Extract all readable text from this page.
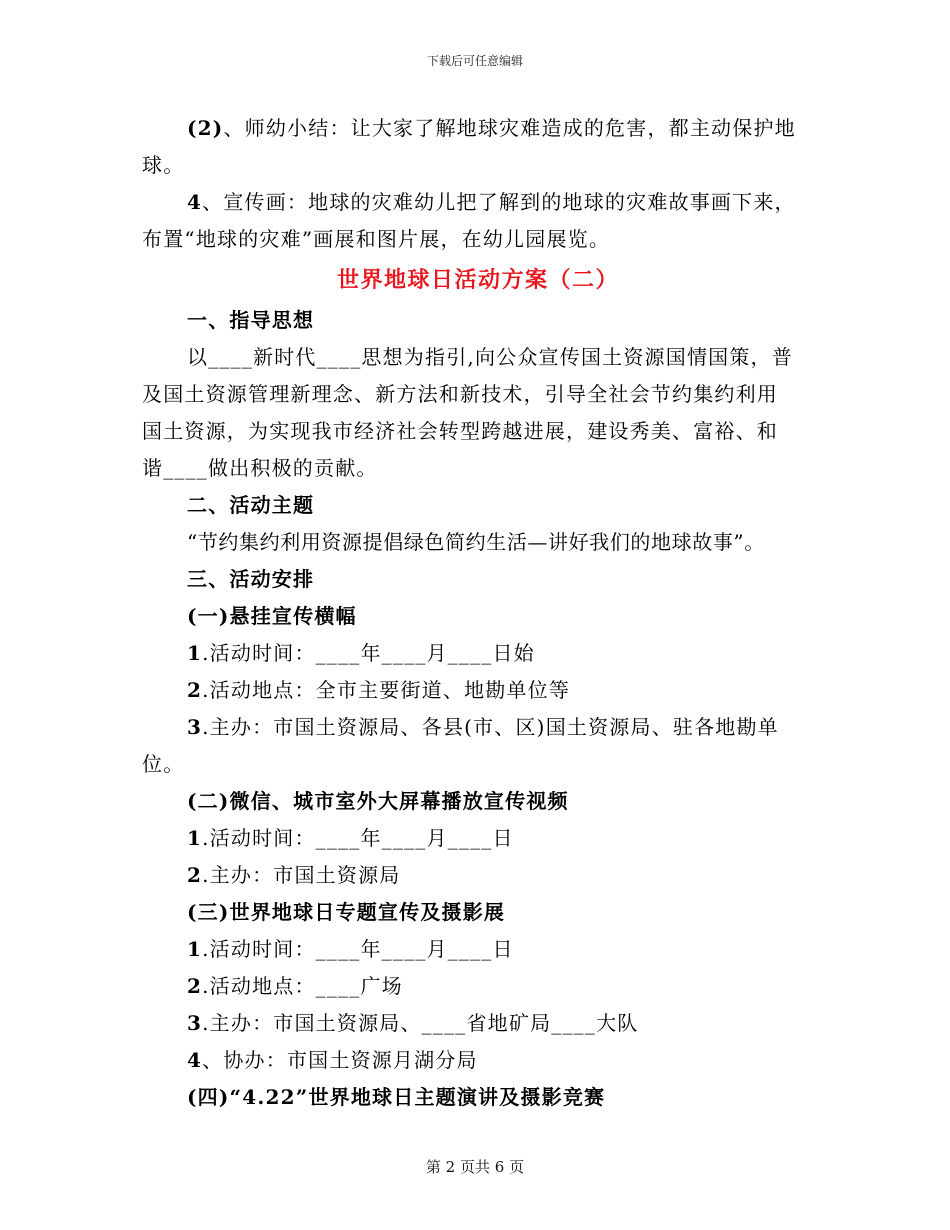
下载后可任意编辑
(2)、师幼小结：让大家了解地球灾难造成的危害，都主动保护地
球。
4、宣传画：地球的灾难幼儿把了解到的地球的灾难故事画下来，
布置“地球的灾难”画展和图片展，在幼儿园展览。
世界地球日活动方案（二）
一、指导思想
以____新时代____思想为指引,向公众宣传国土资源国情国策，普
及国土资源管理新理念、新方法和新技术，引导全社会节约集约利用
国土资源，为实现我市经济社会转型跨越进展，建设秀美、富裕、和
谐____做出积极的贡献。
二、活动主题
“节约集约利用资源提倡绿色简约生活—讲好我们的地球故事”。
三、活动安排
(一)悬挂宣传横幅
1.活动时间：____年____月____日始
2.活动地点：全市主要街道、地勘单位等
3.主办：市国土资源局、各县(市、区)国土资源局、驻各地勘单
位。
(二)微信、城市室外大屏幕播放宣传视频
1.活动时间：____年____月____日
2.主办：市国土资源局
(三)世界地球日专题宣传及摄影展
1.活动时间：____年____月____日
2.活动地点：____广场
3.主办：市国土资源局、____省地矿局____大队
4、协办：市国土资源月湖分局
(四)“4.22”世界地球日主题演讲及摄影竞赛
第 2 页共 6 页
